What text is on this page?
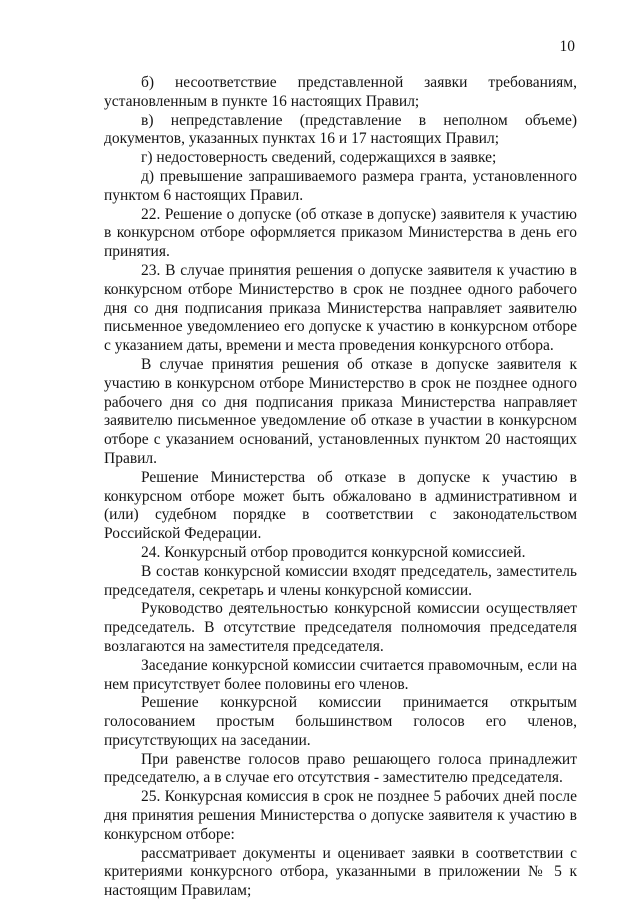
10

б) несоответствие представленной заявки требованиям, установленным в пункте 16 настоящих Правил;

в) непредставление (представление в неполном объеме) документов, указанных пунктах 16 и 17 настоящих Правил;

г) недостоверность сведений, содержащихся в заявке;

д) превышение запрашиваемого размера гранта, установленного пунктом 6 настоящих Правил.

22. Решение о допуске (об отказе в допуске) заявителя к участию в конкурсном отборе оформляется приказом Министерства в день его принятия.

23. В случае принятия решения о допуске заявителя к участию в конкурсном отборе Министерство в срок не позднее одного рабочего дня со дня подписания приказа Министерства направляет заявителю письменное уведомлениео его допуске к участию в конкурсном отборе с указанием даты, времени и места проведения конкурсного отбора.

В случае принятия решения об отказе в допуске заявителя к участию в конкурсном отборе Министерство в срок не позднее одного рабочего дня со дня подписания приказа Министерства направляет заявителю письменное уведомление об отказе в участии в конкурсном отборе с указанием оснований, установленных пунктом 20 настоящих Правил.

Решение Министерства об отказе в допуске к участию в конкурсном отборе может быть обжаловано в административном и (или) судебном порядке в соответствии с законодательством Российской Федерации.

24. Конкурсный отбор проводится конкурсной комиссией.

В состав конкурсной комиссии входят председатель, заместитель председателя, секретарь и члены конкурсной комиссии.

Руководство деятельностью конкурсной комиссии осуществляет председатель. В отсутствие председателя полномочия председателя возлагаются на заместителя председателя.

Заседание конкурсной комиссии считается правомочным, если на нем присутствует более половины его членов.

Решение конкурсной комиссии принимается открытым голосованием простым большинством голосов его членов, присутствующих на заседании.

При равенстве голосов право решающего голоса принадлежит председателю, а в случае его отсутствия - заместителю председателя.

25. Конкурсная комиссия в срок не позднее 5 рабочих дней после дня принятия решения Министерства о допуске заявителя к участию в конкурсном отборе:

рассматривает документы и оценивает заявки в соответствии с критериями конкурсного отбора, указанными в приложении № 5 к настоящим Правилам;
